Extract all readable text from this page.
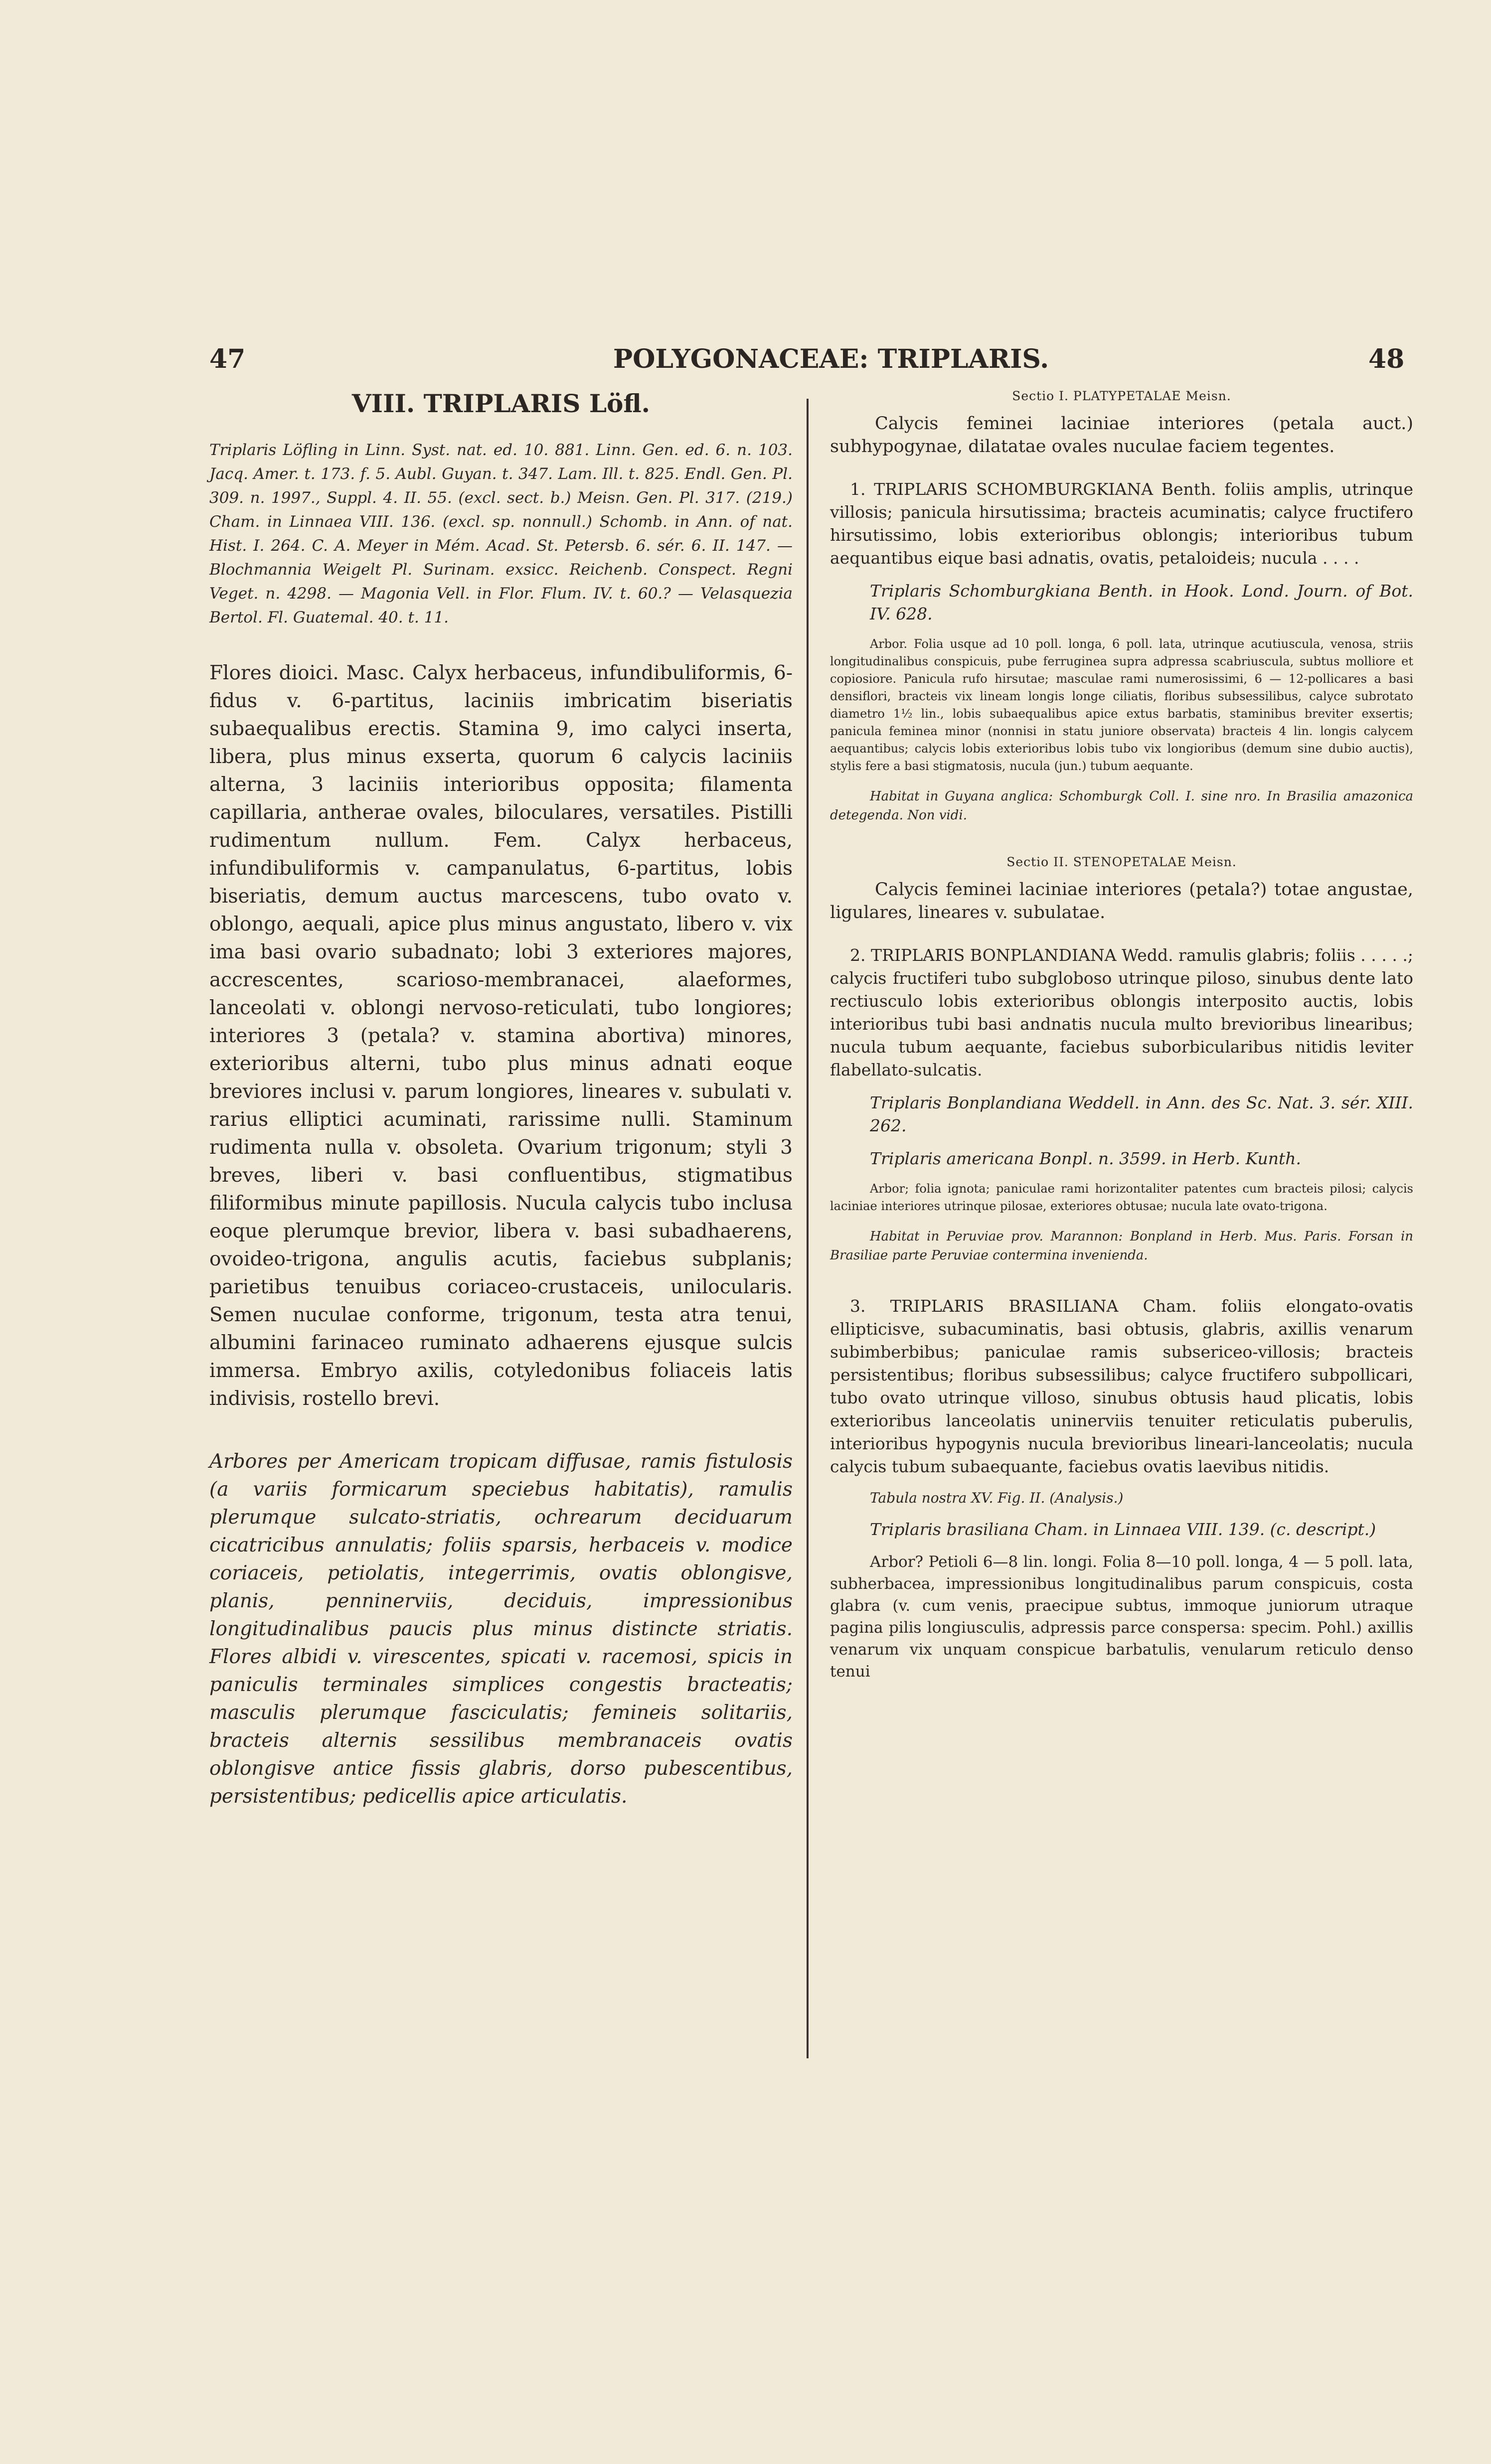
47	POLYGONACEAE: TRIPLARIS.	48

VIII. TRIPLARIS Löfl.

Triplaris Löfling in Linn. Syst. nat. ed. 10. 881. Linn. Gen. ed. 6. n. 103. Jacq. Amer. t. 173. f. 5. Aubl. Guyan. t. 347. Lam. Ill. t. 825. Endl. Gen. Pl. 309. n. 1997., Suppl. 4. II. 55. (excl. sect. b.) Meisn. Gen. Pl. 317. (219.) Cham. in Linnaea VIII. 136. (excl. sp. nonnull.) Schomb. in Ann. of nat. Hist. I. 264. C. A. Meyer in Mém. Acad. St. Petersb. 6. sér. 6. II. 147. — Blochmannia Weigelt Pl. Surinam. exsicc. Reichenb. Conspect. Regni Veget. n. 4298. — Magonia Vell. in Flor. Flum. IV. t. 60.? — Velasquezia Bertol. Fl. Guatemal. 40. t. 11.

Flores dioici. Masc. Calyx herbaceus, infundibuliformis, 6-fidus v. 6-partitus, laciniis imbricatim biseriatis subaequalibus erectis. Stamina 9, imo calyci inserta, libera, plus minus exserta, quorum 6 calycis laciniis alterna, 3 laciniis interioribus opposita; filamenta capillaria, antherae ovales, biloculares, versatiles. Pistilli rudimentum nullum. Fem. Calyx herbaceus, infundibuliformis v. campanulatus, 6-partitus, lobis biseriatis, demum auctus marcescens, tubo ovato v. oblongo, aequali, apice plus minus angustato, libero v. vix ima basi ovario subadnato; lobi 3 exteriores majores, accrescentes, scarioso-membranacei, alaeformes, lanceolati v. oblongi nervoso-reticulati, tubo longiores; interiores 3 (petala? v. stamina abortiva) minores, exterioribus alterni, tubo plus minus adnati eoque breviores inclusi v. parum longiores, lineares v. subulati v. rarius elliptici acuminati, rarissime nulli. Staminum rudimenta nulla v. obsoleta. Ovarium trigonum; styli 3 breves, liberi v. basi confluentibus, stigmatibus filiformibus minute papillosis. Nucula calycis tubo inclusa eoque plerumque brevior, libera v. basi subadhaerens, ovoideo-trigona, angulis acutis, faciebus subplanis; parietibus tenuibus coriaceo-crustaceis, unilocularis. Semen nuculae conforme, trigonum, testa atra tenui, albumini farinaceo ruminato adhaerens ejusque sulcis immersa. Embryo axilis, cotyledonibus foliaceis latis indivisis, rostello brevi.

Arbores per Americam tropicam diffusae, ramis fistulosis (a variis formicarum speciebus habitatis), ramulis plerumque sulcato-striatis, ochrearum deciduarum cicatricibus annulatis; foliis sparsis, herbaceis v. modice coriaceis, petiolatis, integerrimis, ovatis oblongisve, planis, penninerviis, deciduis, impressionibus longitudinalibus paucis plus minus distincte striatis. Flores albidi v. virescentes, spicati v. racemosi, spicis in paniculis terminales simplices congestis bracteatis; masculis plerumque fasciculatis; femineis solitariis, bracteis alternis sessilibus membranaceis ovatis oblongisve antice fissis glabris, dorso pubescentibus, persistentibus; pedicellis apice articulatis.

Sectio I. PLATYPETALAE Meisn.

Calycis feminei laciniae interiores (petala auct.) subhypogynae, dilatatae ovales nuculae faciem tegentes.

1. TRIPLARIS SCHOMBURGKIANA Benth. foliis amplis, utrinque villosis; panicula hirsutissima; bracteis acuminatis; calyce fructifero hirsutissimo, lobis exterioribus oblongis; interioribus tubum aequantibus eique basi adnatis, ovatis, petaloideis; nucula . . . .

Triplaris Schomburgkiana Benth. in Hook. Lond. Journ. of Bot. IV. 628.

Arbor. Folia usque ad 10 poll. longa, 6 poll. lata, utrinque acutiuscula, venosa, striis longitudinalibus conspicuis, pube ferruginea supra adpressa scabriuscula, subtus molliore et copiosiore. Panicula rufo hirsutae; masculae rami numerosissimi, 6 — 12-pollicares a basi densiflori, bracteis vix lineam longis longe ciliatis, floribus subsessilibus, calyce subrotato diametro 1½ lin., lobis subaequalibus apice extus barbatis, staminibus breviter exsertis; panicula feminea minor (nonnisi in statu juniore observata) bracteis 4 lin. longis calycem aequantibus; calycis lobis exterioribus lobis tubo vix longioribus (demum sine dubio auctis), stylis fere a basi stigmatosis, nucula (jun.) tubum aequante.

Habitat in Guyana anglica: Schomburgk Coll. I. sine nro. In Brasilia amazonica detegenda. Non vidi.

Sectio II. STENOPETALAE Meisn.

Calycis feminei laciniae interiores (petala?) totae angustae, ligulares, lineares v. subulatae.

2. TRIPLARIS BONPLANDIANA Wedd. ramulis glabris; foliis . . . . .; calycis fructiferi tubo subgloboso utrinque piloso, sinubus dente lato rectiusculo lobis exterioribus oblongis interposito auctis, lobis interioribus tubi basi andnatis nucula multo brevioribus linearibus; nucula tubum aequante, faciebus suborbicularibus nitidis leviter flabellato-sulcatis.

Triplaris Bonplandiana Weddell. in Ann. des Sc. Nat. 3. sér. XIII. 262.

Triplaris americana Bonpl. n. 3599. in Herb. Kunth.

Arbor; folia ignota; paniculae rami horizontaliter patentes cum bracteis pilosi; calycis laciniae interiores utrinque pilosae, exteriores obtusae; nucula late ovato-trigona.

Habitat in Peruviae prov. Marannon: Bonpland in Herb. Mus. Paris. Forsan in Brasiliae parte Peruviae contermina invenienda.

3. TRIPLARIS BRASILIANA Cham. foliis elongato-ovatis ellipticisve, subacuminatis, basi obtusis, glabris, axillis venarum subimberbibus; paniculae ramis subsericeo-villosis; bracteis persistentibus; floribus subsessilibus; calyce fructifero subpollicari, tubo ovato utrinque villoso, sinubus obtusis haud plicatis, lobis exterioribus lanceolatis uninerviis tenuiter reticulatis puberulis, interioribus hypogynis nucula brevioribus lineari-lanceolatis; nucula calycis tubum subaequante, faciebus ovatis laevibus nitidis.

Tabula nostra XV. Fig. II. (Analysis.)

Triplaris brasiliana Cham. in Linnaea VIII. 139. (c. descript.)

Arbor? Petioli 6—8 lin. longi. Folia 8—10 poll. longa, 4 — 5 poll. lata, subherbacea, impressionibus longitudinalibus parum conspicuis, costa glabra (v. cum venis, praecipue subtus, immoque juniorum utraque pagina pilis longiusculis, adpressis parce conspersa: specim. Pohl.) axillis venarum vix unquam conspicue barbatulis, venularum reticulo denso tenui
